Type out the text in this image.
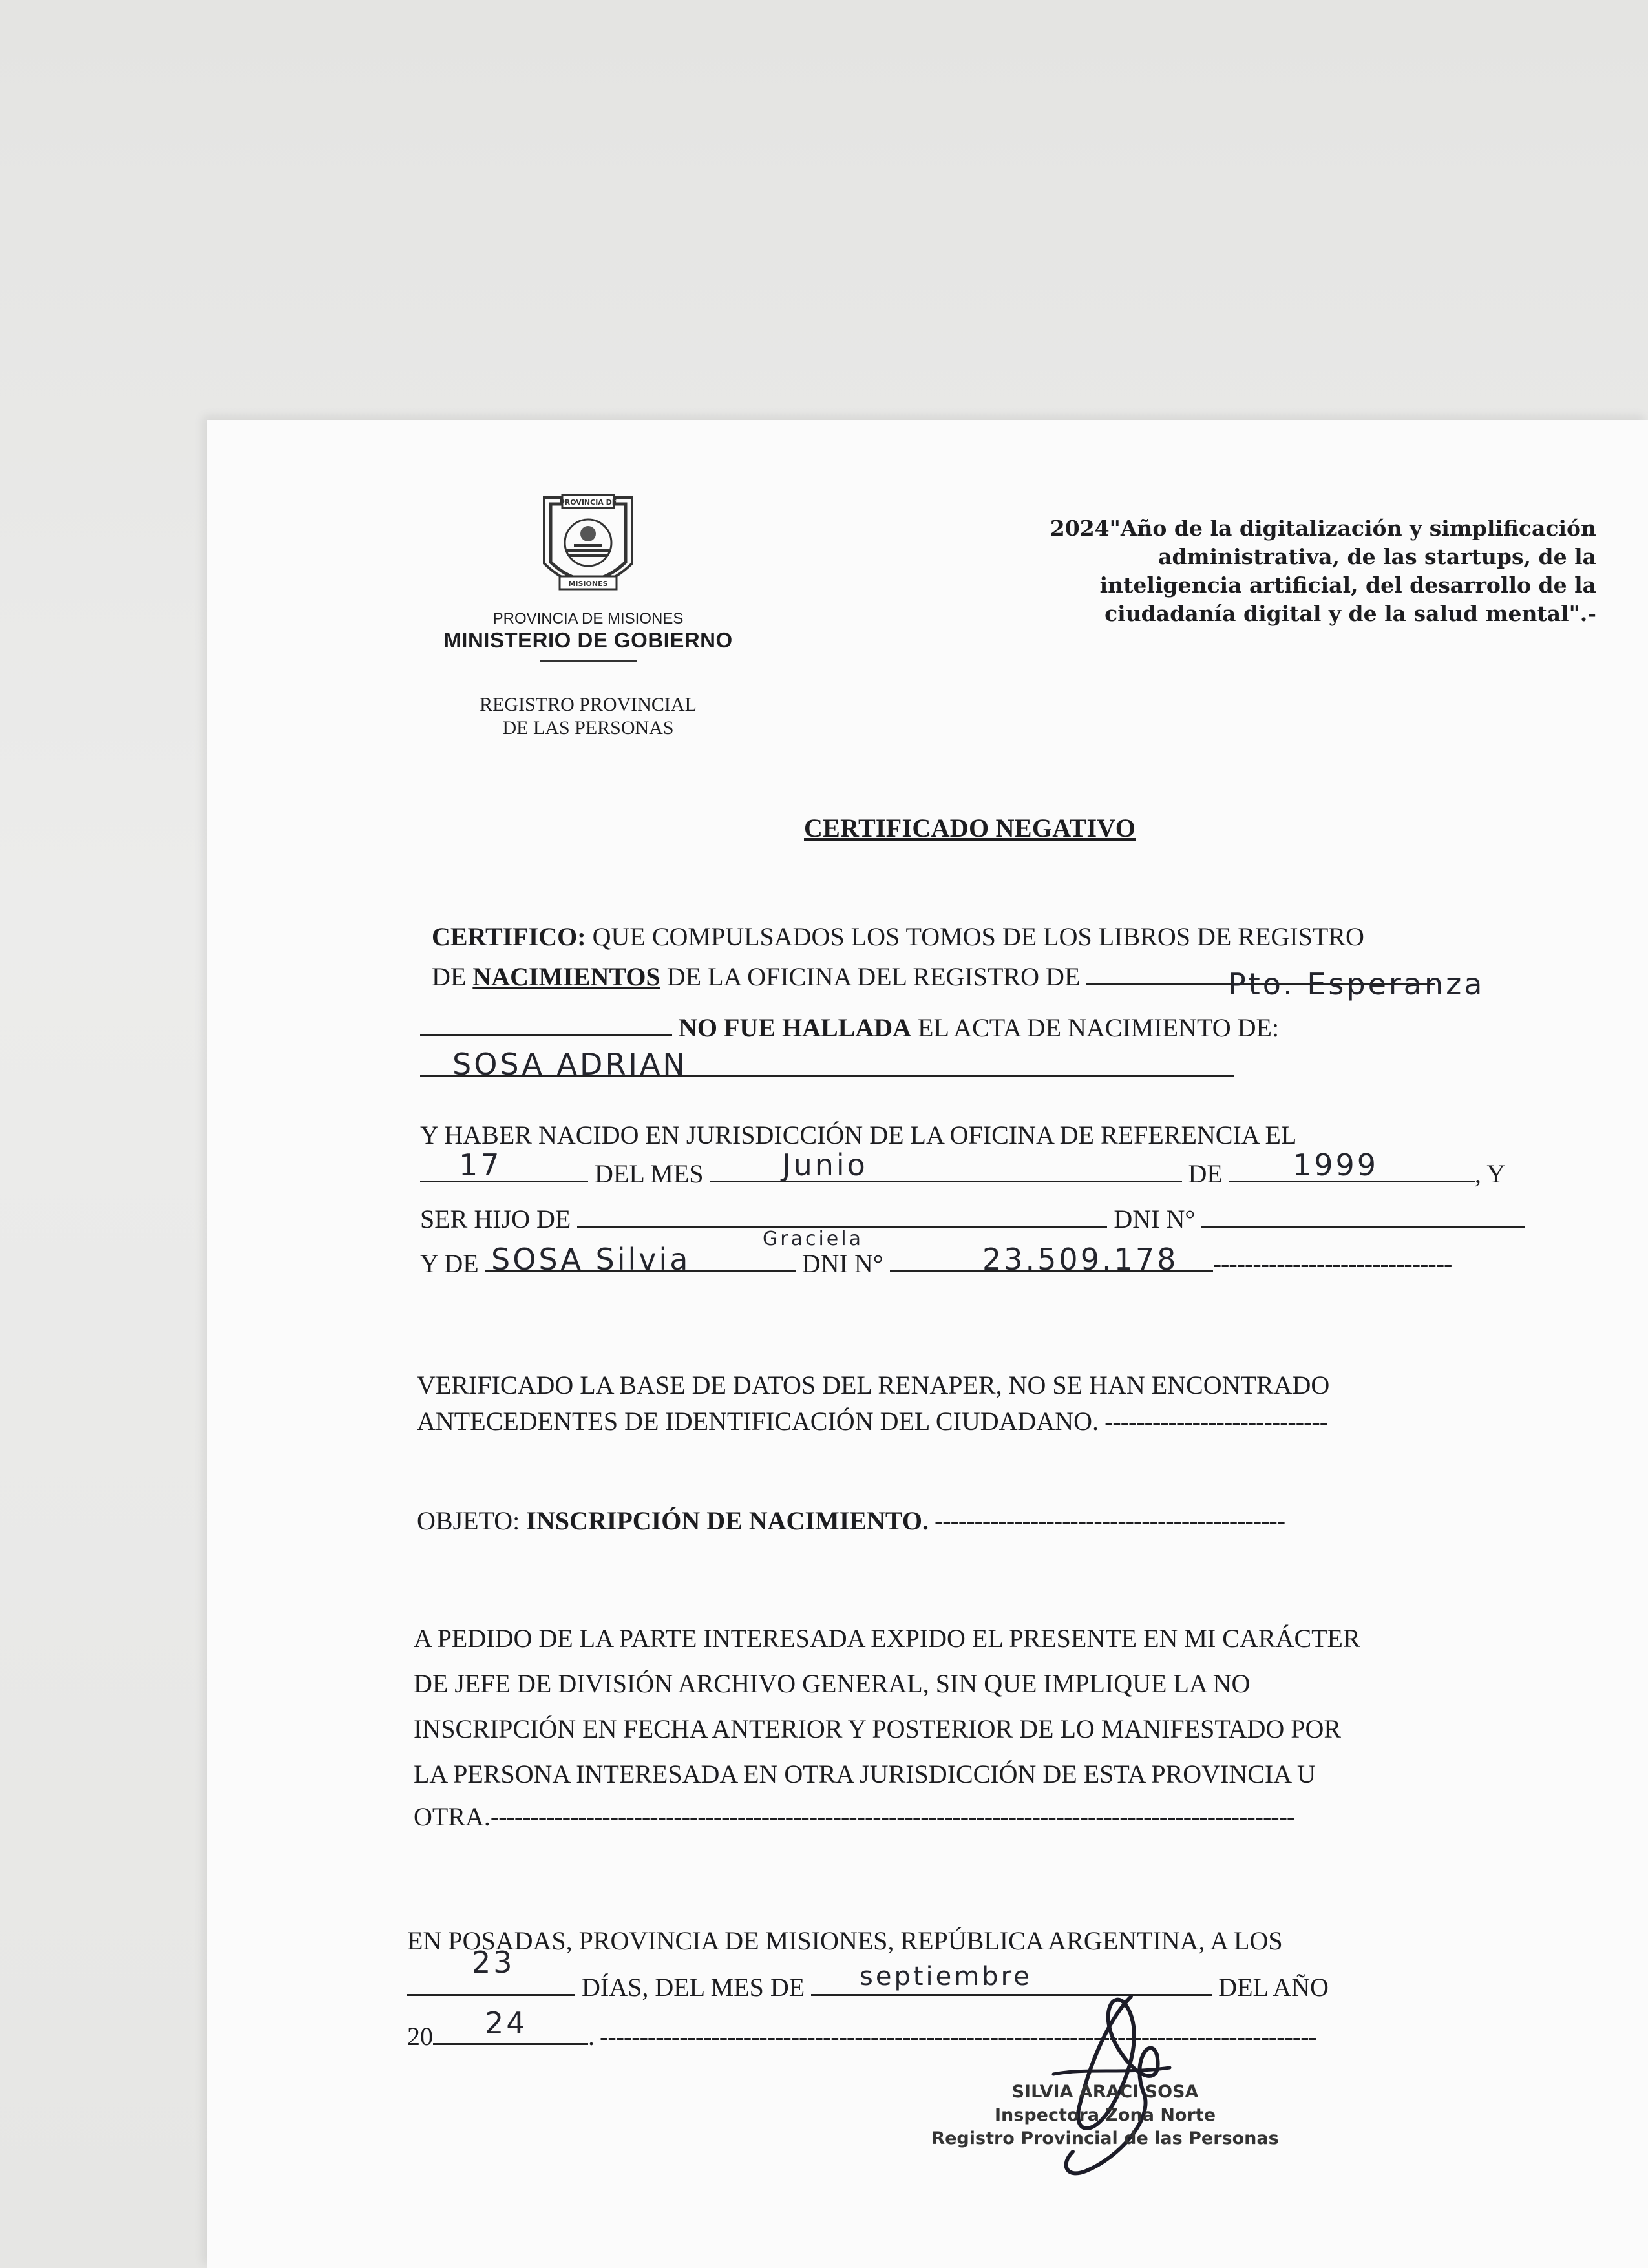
PROVINCIA DE
MISIONES

PROVINCIA DE MISIONES

MINISTERIO DE GOBIERNO

REGISTRO PROVINCIAL

DE LAS PERSONAS

2024"Año de la digitalización y simplificación
administrativa, de las startups, de la
inteligencia artificial, del desarrollo de la
ciudadanía digital y de la salud mental".-

CERTIFICADO NEGATIVO

CERTIFICO: QUE COMPULSADOS LOS TOMOS DE LOS LIBROS DE REGISTRO

DE NACIMIENTOS DE LA OFICINA DEL REGISTRO DE	Pto. Esperanza

NO FUE HALLADA EL ACTA DE NACIMIENTO DE:

SOSA ADRIAN

Y HABER NACIDO EN JURISDICCIÓN DE LA OFICINA DE REFERENCIA EL

DEL MES	DE	, Y

17	Junio	1999

SER HIJO DE	DNI N°

Y DE	DNI N°	------------------------------

SOSA Silvia

Graciela

23.509.178

VERIFICADO LA BASE DE DATOS DEL RENAPER, NO SE HAN ENCONTRADO

ANTECEDENTES DE IDENTIFICACIÓN DEL CIUDADANO. ----------------------------

OBJETO: INSCRIPCIÓN DE NACIMIENTO. --------------------------------------------

A PEDIDO DE LA PARTE INTERESADA EXPIDO EL PRESENTE EN MI CARÁCTER

DE JEFE DE DIVISIÓN ARCHIVO GENERAL, SIN QUE IMPLIQUE LA NO

INSCRIPCIÓN EN FECHA ANTERIOR Y POSTERIOR DE LO MANIFESTADO POR

LA PERSONA INTERESADA EN OTRA JURISDICCIÓN DE ESTA PROVINCIA U

OTRA.-----------------------------------------------------------------------------------------------------

EN POSADAS, PROVINCIA DE MISIONES, REPÚBLICA ARGENTINA, A LOS

DÍAS, DEL MES DE	DEL AÑO

23	septiembre

20	. ------------------------------------------------------------------------------------------

24

SILVIA ARACI SOSA

Inspectora Zona Norte

Registro Provincial de las Personas
